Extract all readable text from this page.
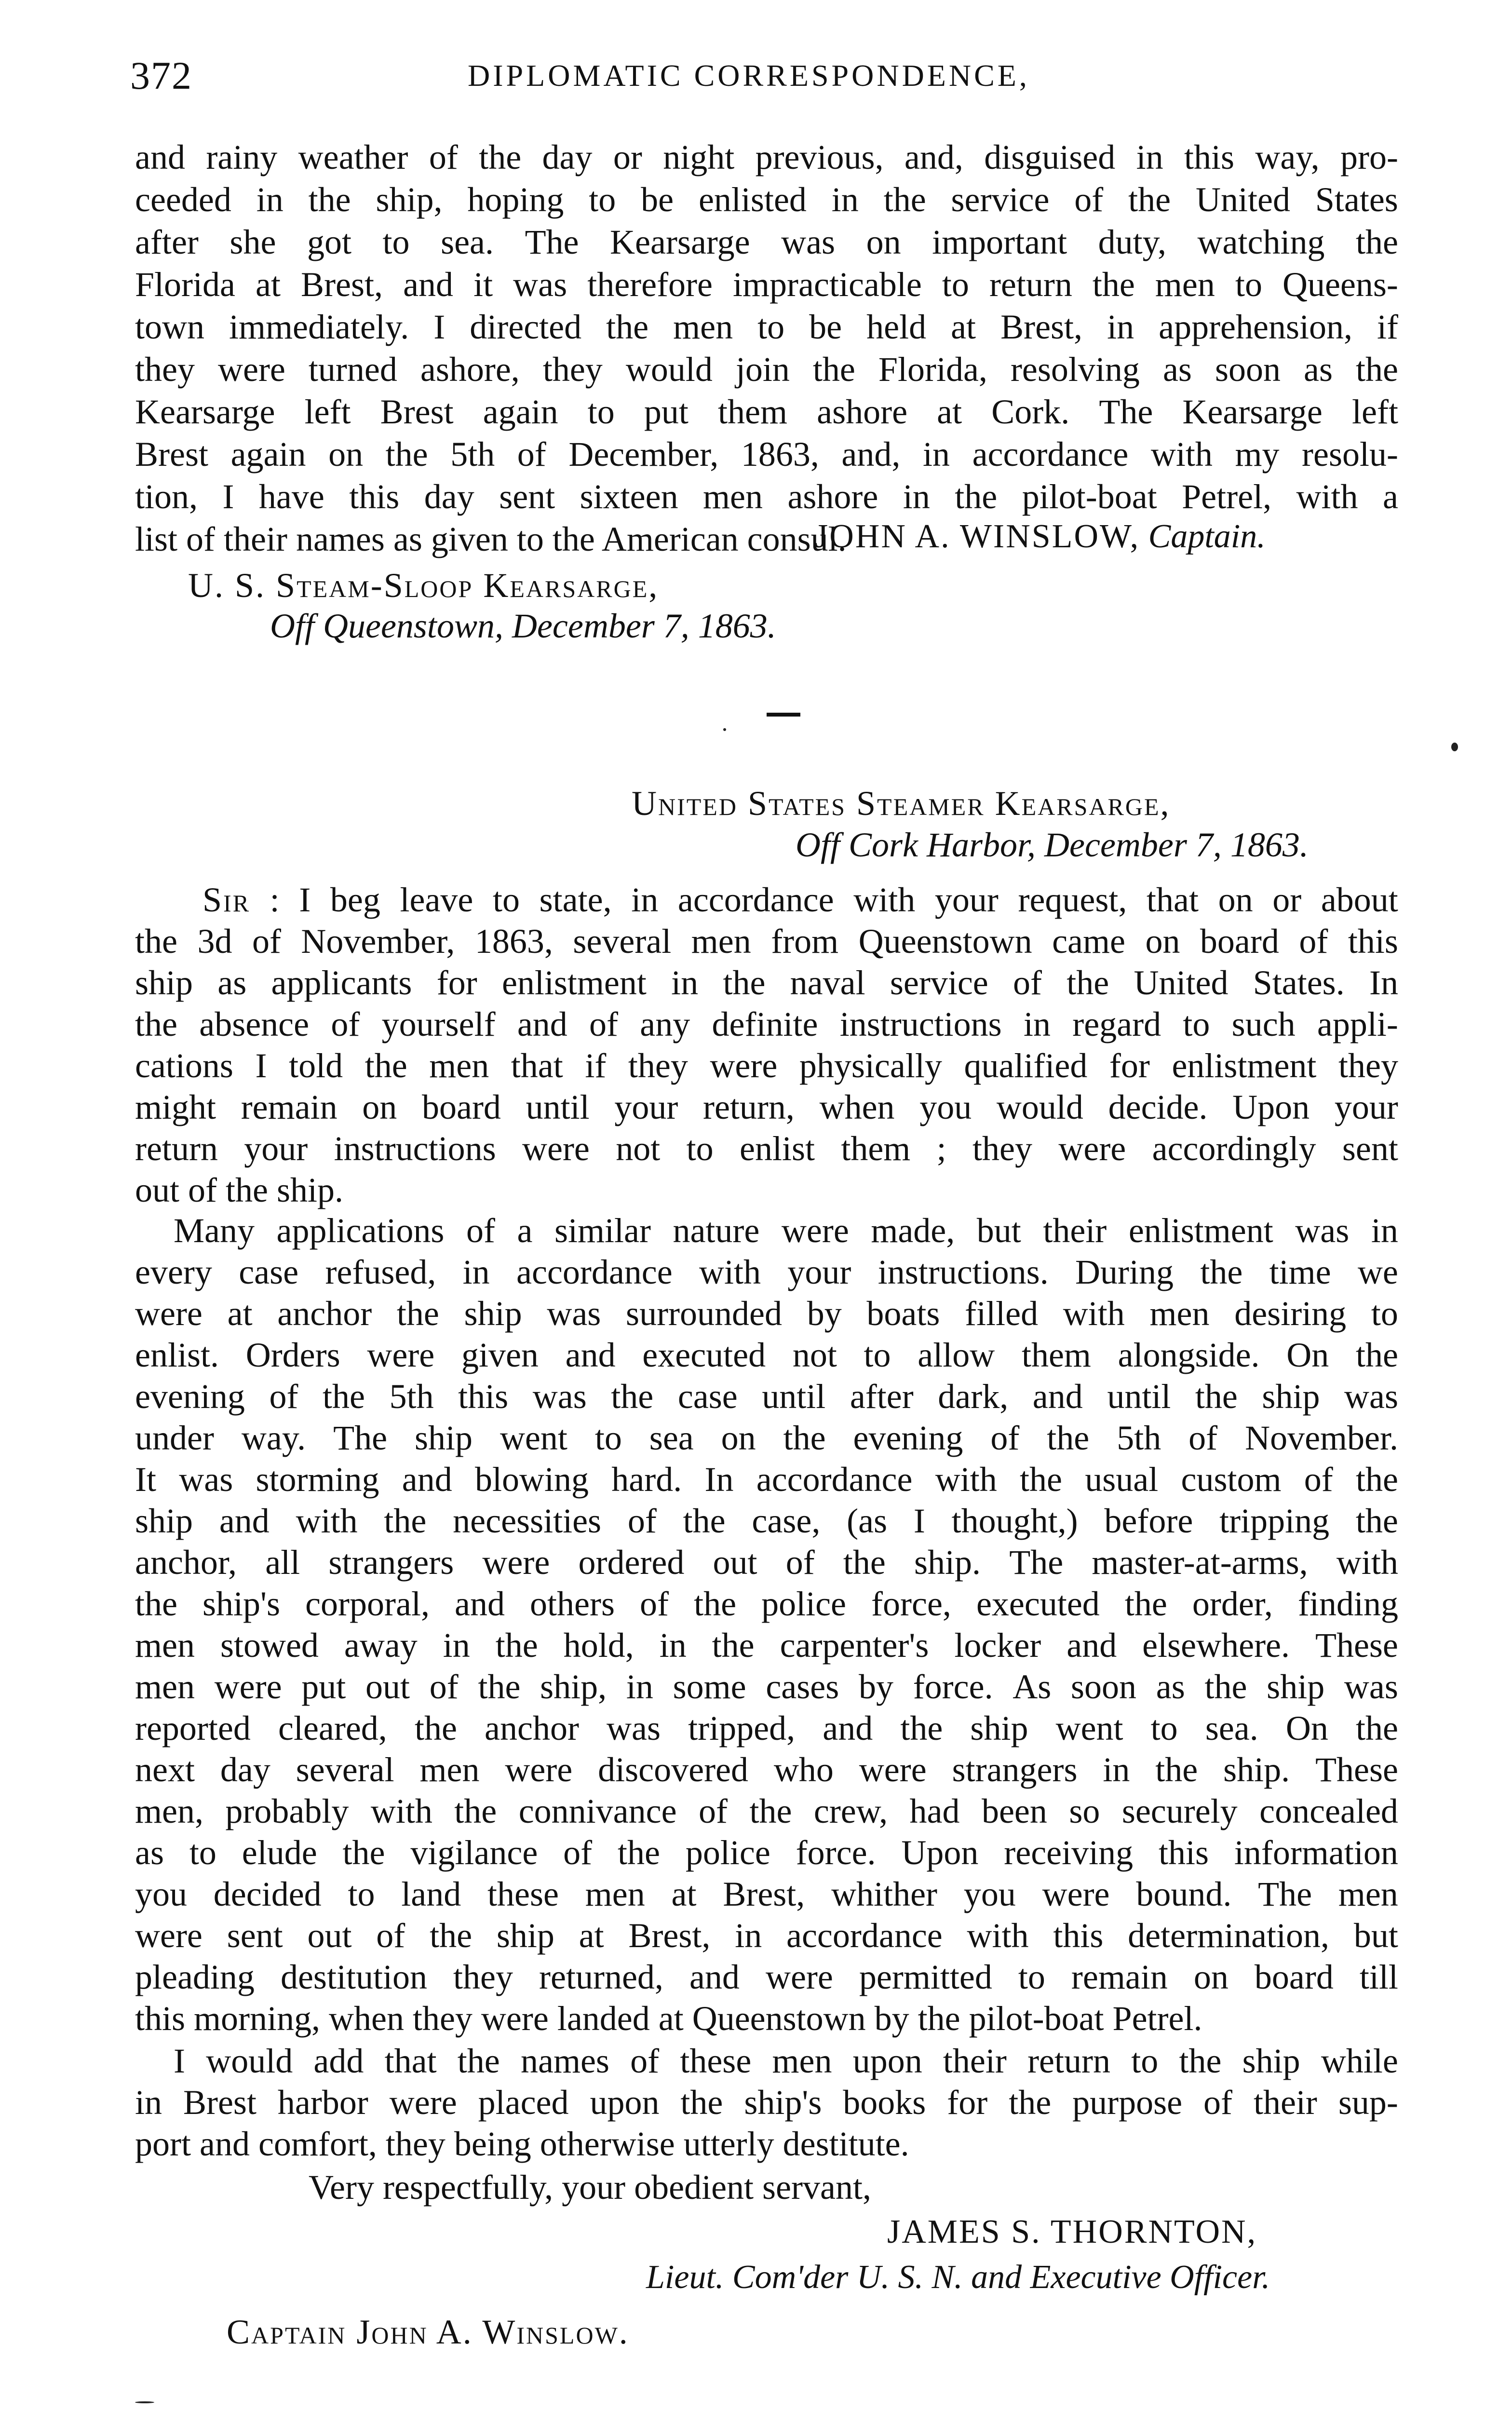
372	DIPLOMATIC CORRESPONDENCE,
and rainy weather of the day or night previous, and, disguised in this way, pro-
ceeded in the ship, hoping to be enlisted in the service of the United States
after she got to sea. The Kearsarge was on important duty, watching the
Florida at Brest, and it was therefore impracticable to return the men to Queens-
town immediately. I directed the men to be held at Brest, in apprehension, if
they were turned ashore, they would join the Florida, resolving as soon as the
Kearsarge left Brest again to put them ashore at Cork. The Kearsarge left
Brest again on the 5th of December, 1863, and, in accordance with my resolu-
tion, I have this day sent sixteen men ashore in the pilot-boat Petrel, with a
list of their names as given to the American consul.
JOHN A. WINSLOW, Captain.
U. S. Steam-Sloop Kearsarge,
Off Queenstown, December 7, 1863.
United States Steamer Kearsarge,
Off Cork Harbor, December 7, 1863.
Sir : I beg leave to state, in accordance with your request, that on or about
the 3d of November, 1863, several men from Queenstown came on board of this
ship as applicants for enlistment in the naval service of the United States. In
the absence of yourself and of any definite instructions in regard to such appli-
cations I told the men that if they were physically qualified for enlistment they
might remain on board until your return, when you would decide. Upon your
return your instructions were not to enlist them ; they were accordingly sent
out of the ship.
Many applications of a similar nature were made, but their enlistment was in
every case refused, in accordance with your instructions. During the time we
were at anchor the ship was surrounded by boats filled with men desiring to
enlist. Orders were given and executed not to allow them alongside. On the
evening of the 5th this was the case until after dark, and until the ship was
under way. The ship went to sea on the evening of the 5th of November.
It was storming and blowing hard. In accordance with the usual custom of the
ship and with the necessities of the case, (as I thought,) before tripping the
anchor, all strangers were ordered out of the ship. The master-at-arms, with
the ship's corporal, and others of the police force, executed the order, finding
men stowed away in the hold, in the carpenter's locker and elsewhere. These
men were put out of the ship, in some cases by force. As soon as the ship was
reported cleared, the anchor was tripped, and the ship went to sea. On the
next day several men were discovered who were strangers in the ship. These
men, probably with the connivance of the crew, had been so securely concealed
as to elude the vigilance of the police force. Upon receiving this information
you decided to land these men at Brest, whither you were bound. The men
were sent out of the ship at Brest, in accordance with this determination, but
pleading destitution they returned, and were permitted to remain on board till
this morning, when they were landed at Queenstown by the pilot-boat Petrel.
I would add that the names of these men upon their return to the ship while
in Brest harbor were placed upon the ship's books for the purpose of their sup-
port and comfort, they being otherwise utterly destitute.
Very respectfully, your obedient servant,
JAMES S. THORNTON,
Lieut. Com'der U. S. N. and Executive Officer.
Captain John A. Winslow.
